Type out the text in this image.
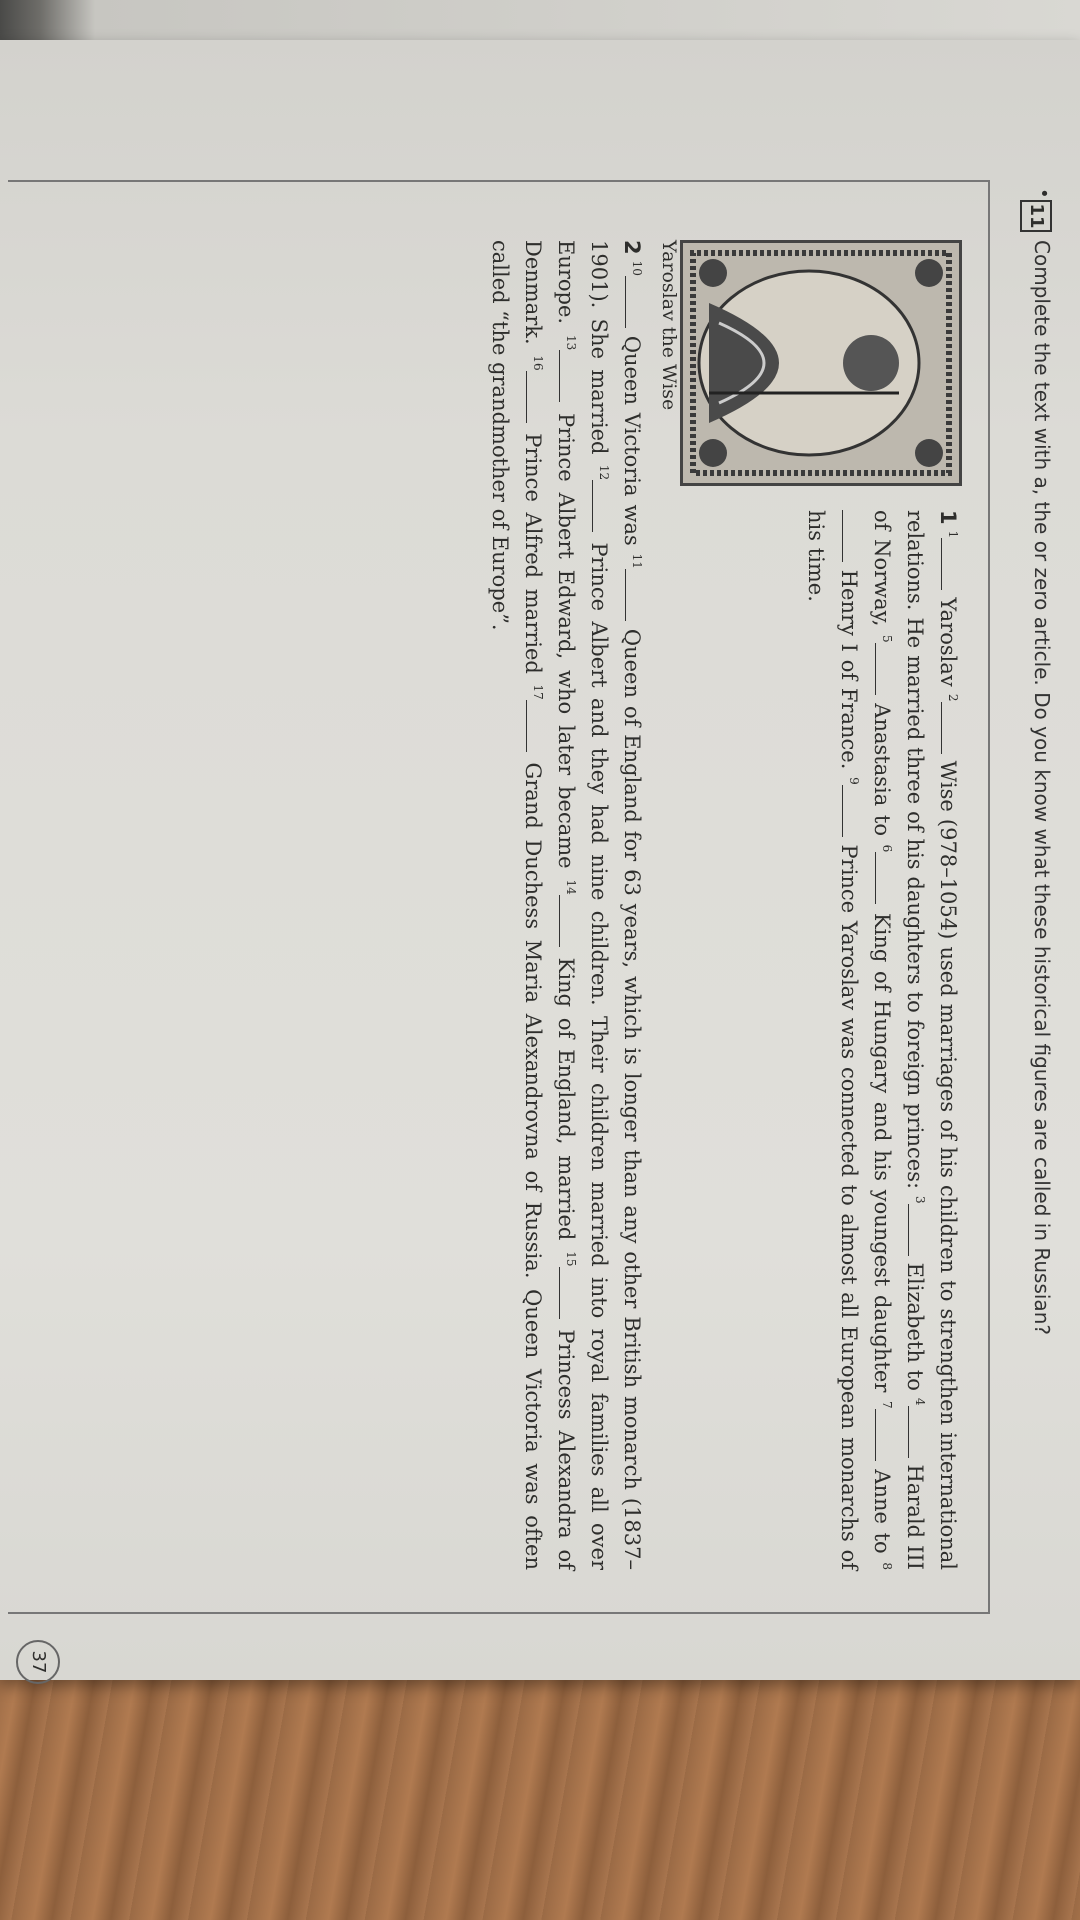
•
11
Complete the text with a, the or zero article. Do you know what these historical figures are called in Russian?
Yaroslav the Wise
$1^1$ Yaroslav $^2$ Wise (978–1054) used marriages of his children to strengthen international relations. He married three of his daughters to foreign princes: $^3$ Elizabeth to $^4$ Harald III of Norway, $^5$ Anastasia to $^6$ King of Hungary and his youngest daughter $^7$ Anne to $^8$ Henry I of France. $^9$ Prince Yaroslav was connected to almost all European monarchs of his time.
$2^{10}$ Queen Victoria was $^{11}$ Queen of England for 63 years, which is longer than any other British monarch (1837–1901). She married $^{12}$ Prince Albert and they had nine children. Their children married into royal families all over Europe. $^{13}$ Prince Albert Edward, who later became $^{14}$ King of England, married $^{15}$ Princess Alexandra of Denmark. $^{16}$ Prince Alfred married $^{17}$ Grand Duchess Maria Alexandrovna of Russia. Queen Victoria was often called “the grandmother of Europe”.
37
